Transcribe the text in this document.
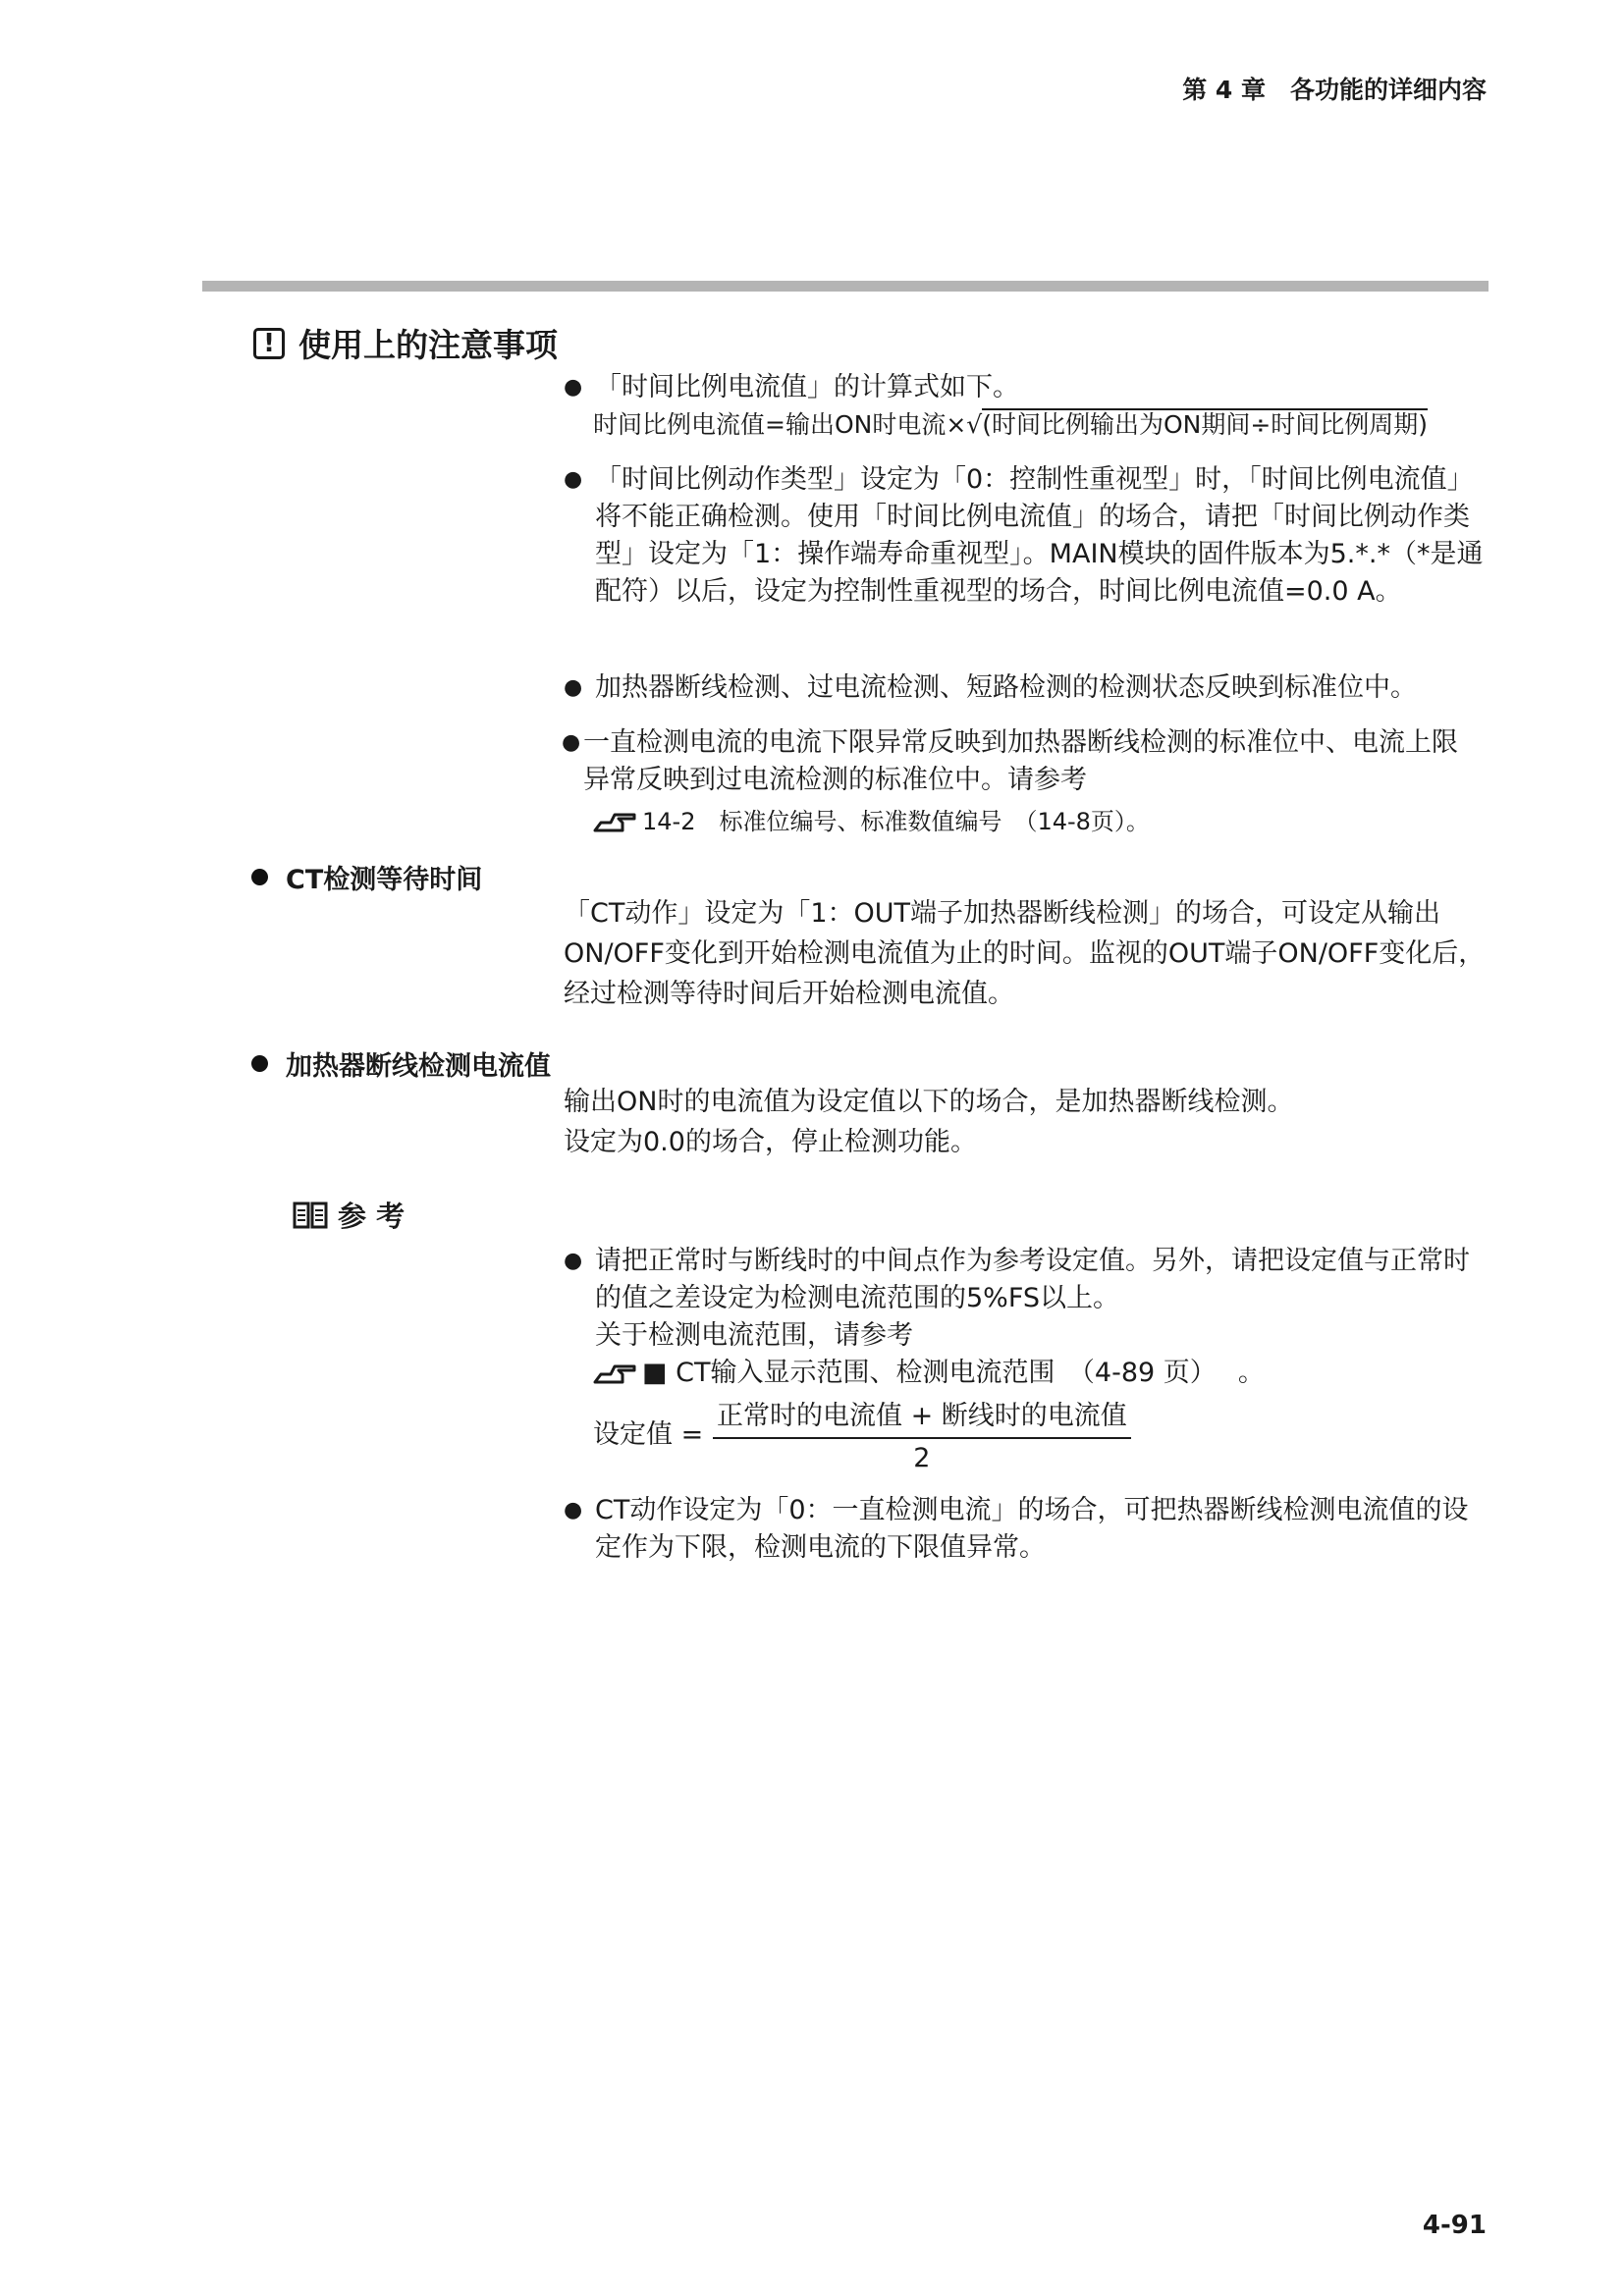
第 4 章　各功能的详细内容
! 使用上的注意事项
● 「时间比例电流值」的计算式如下。
时间比例电流值=输出ON时电流×√(时间比例输出为ON期间÷时间比例周期)
● 「时间比例动作类型」设定为「0：控制性重视型」时，「时间比例电流值」将不能正确检测。使用「时间比例电流值」的场合，请把「时间比例动作类型」设定为「1：操作端寿命重视型」。MAIN模块的固件版本为5.*.*（*是通配符）以后，设定为控制性重视型的场合，时间比例电流值=0.0 A。
● 加热器断线检测、过电流检测、短路检测的检测状态反映到标准位中。
● 一直检测电流的电流下限异常反映到加热器断线检测的标准位中、电流上限异常反映到过电流检测的标准位中。请参考
14-2　标准位编号、标准数值编号　（14-8页）。
CT检测等待时间
「CT动作」设定为「1：OUT端子加热器断线检测」的场合，可设定从输出ON/OFF变化到开始检测电流值为止的时间。监视的OUT端子ON/OFF变化后，经过检测等待时间后开始检测电流值。
加热器断线检测电流值
输出ON时的电流值为设定值以下的场合，是加热器断线检测。
设定为0.0的场合，停止检测功能。
参 考
● 请把正常时与断线时的中间点作为参考设定值。另外，请把设定值与正常时的值之差设定为检测电流范围的5%FS以上。
关于检测电流范围，请参考
■ CT输入显示范围、检测电流范围　（4-89 页）　 。
设定值 =
正常时的电流值 + 断线时的电流值
2
● CT动作设定为「0：一直检测电流」的场合，可把热器断线检测电流值的设定作为下限，检测电流的下限值异常。
4-91
